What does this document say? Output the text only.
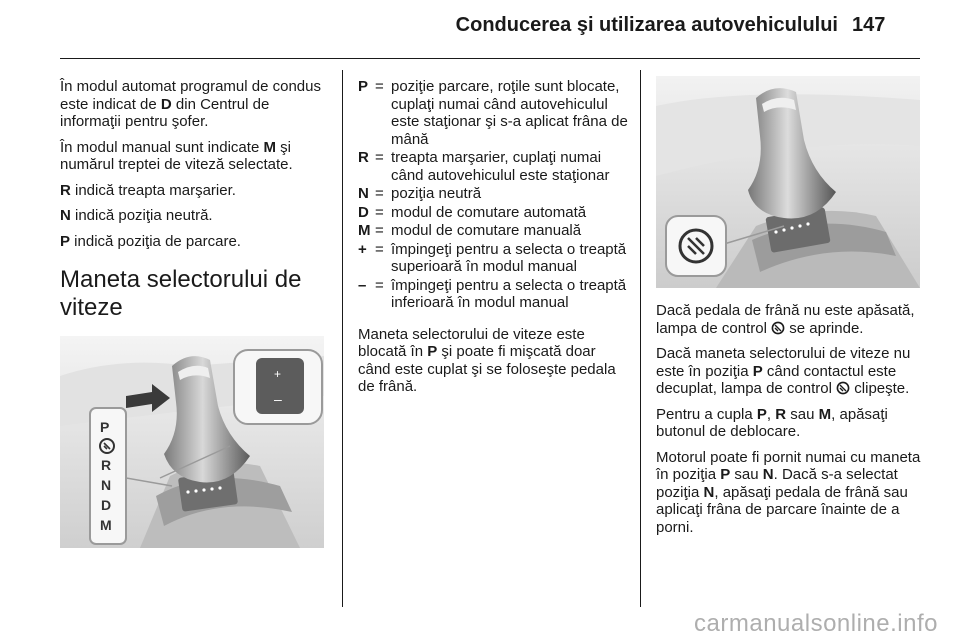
Conducerea şi utilizarea autovehiculului 147

În modul automat programul de condus este indicat de D din Centrul de informaţii pentru şofer.

În modul manual sunt indicate M şi numărul treptei de viteză selectate.

R indică treapta marşarier.

N indică poziţia neutră.

P indică poziţia de parcare.

Maneta selectorului de viteze
+
–
P
R
N
D
M
P = poziţie parcare, roţile sunt blocate, cuplaţi numai când autovehiculul este staţionar şi s-a aplicat frâna de mână
R = treapta marşarier, cuplaţi numai când autovehiculul este staţionar
N = poziţia neutră
D = modul de comutare automată
M = modul de comutare manuală
+ = împingeţi pentru a selecta o treaptă superioară în modul manual
– = împingeţi pentru a selecta o treaptă inferioară în modul manual

Maneta selectorului de viteze este blocată în P şi poate fi mişcată doar când este cuplat şi se foloseşte pedala de frână.

Dacă pedala de frână nu este apăsată, lampa de control  se aprinde.

Dacă maneta selectorului de viteze nu este în poziţia P când contactul este decuplat, lampa de control  clipeşte.

Pentru a cupla P, R sau M, apăsaţi butonul de deblocare.

Motorul poate fi pornit numai cu maneta în poziţia P sau N. Dacă s-a selectat poziţia N, apăsaţi pedala de frână sau aplicaţi frâna de parcare înainte de a porni.

carmanualsonline.info
